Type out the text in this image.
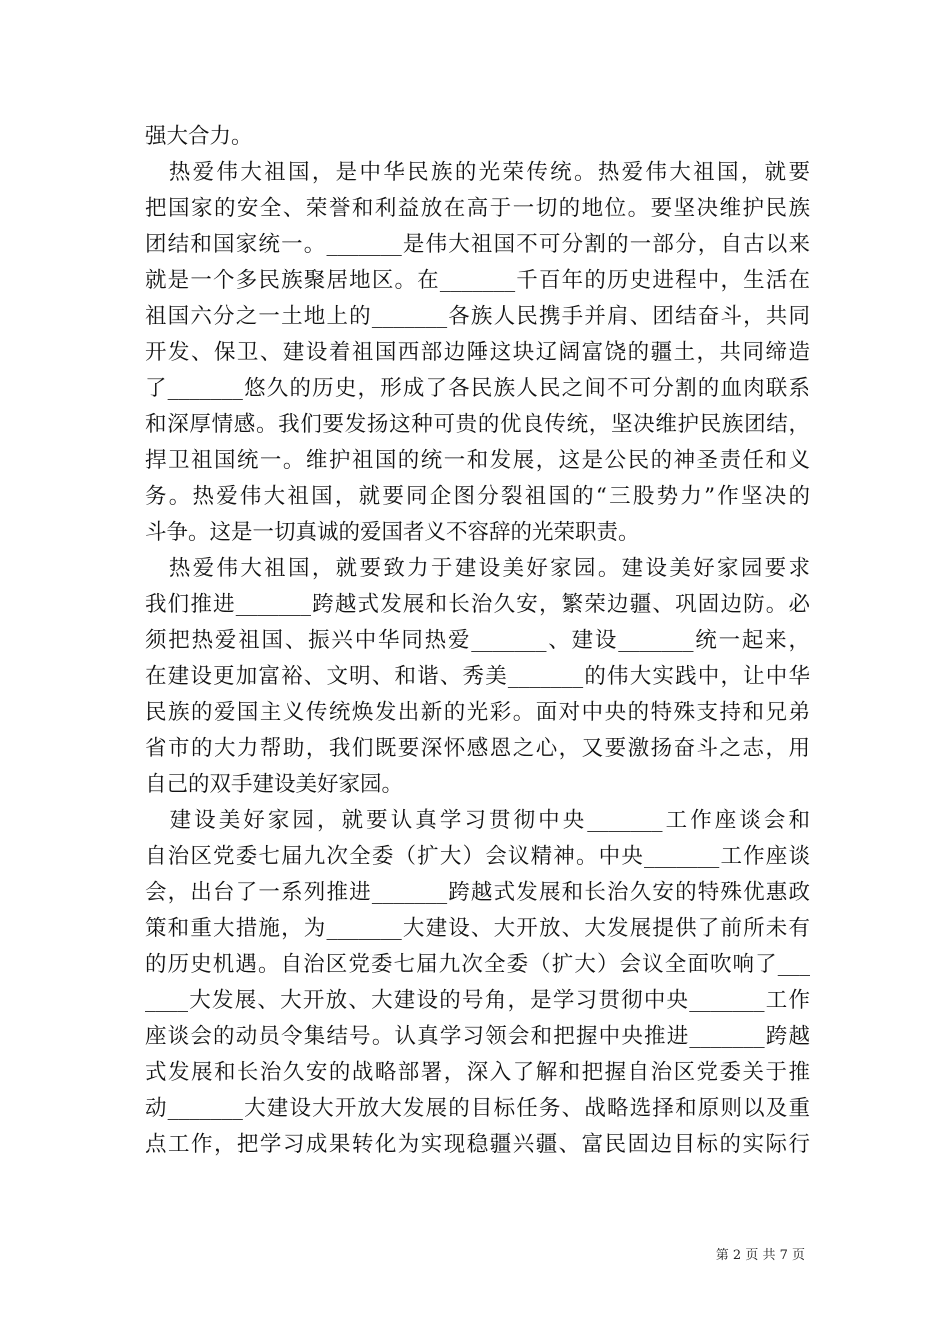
强大合力。
　热爱伟大祖国，是中华民族的光荣传统。热爱伟大祖国，就要
把国家的安全、荣誉和利益放在高于一切的地位。要坚决维护民族
团结和国家统一。_______是伟大祖国不可分割的一部分，自古以来
就是一个多民族聚居地区。在_______千百年的历史进程中，生活在
祖国六分之一土地上的_______各族人民携手并肩、团结奋斗，共同
开发、保卫、建设着祖国西部边陲这块辽阔富饶的疆土，共同缔造
了_______悠久的历史，形成了各民族人民之间不可分割的血肉联系
和深厚情感。我们要发扬这种可贵的优良传统，坚决维护民族团结，
捍卫祖国统一。维护祖国的统一和发展，这是公民的神圣责任和义
务。热爱伟大祖国，就要同企图分裂祖国的“三股势力”作坚决的
斗争。这是一切真诚的爱国者义不容辞的光荣职责。
　热爱伟大祖国，就要致力于建设美好家园。建设美好家园要求
我们推进_______跨越式发展和长治久安，繁荣边疆、巩固边防。必
须把热爱祖国、振兴中华同热爱_______、建设_______统一起来，
在建设更加富裕、文明、和谐、秀美_______的伟大实践中，让中华
民族的爱国主义传统焕发出新的光彩。面对中央的特殊支持和兄弟
省市的大力帮助，我们既要深怀感恩之心，又要激扬奋斗之志，用
自己的双手建设美好家园。
　建设美好家园，就要认真学习贯彻中央_______工作座谈会和
自治区党委七届九次全委（扩大）会议精神。中央_______工作座谈
会，出台了一系列推进_______跨越式发展和长治久安的特殊优惠政
策和重大措施，为_______大建设、大开放、大发展提供了前所未有
的历史机遇。自治区党委七届九次全委（扩大）会议全面吹响了___
____大发展、大开放、大建设的号角，是学习贯彻中央_______工作
座谈会的动员令集结号。认真学习领会和把握中央推进_______跨越
式发展和长治久安的战略部署，深入了解和把握自治区党委关于推
动_______大建设大开放大发展的目标任务、战略选择和原则以及重
点工作，把学习成果转化为实现稳疆兴疆、富民固边目标的实际行
第 2 页 共 7 页
